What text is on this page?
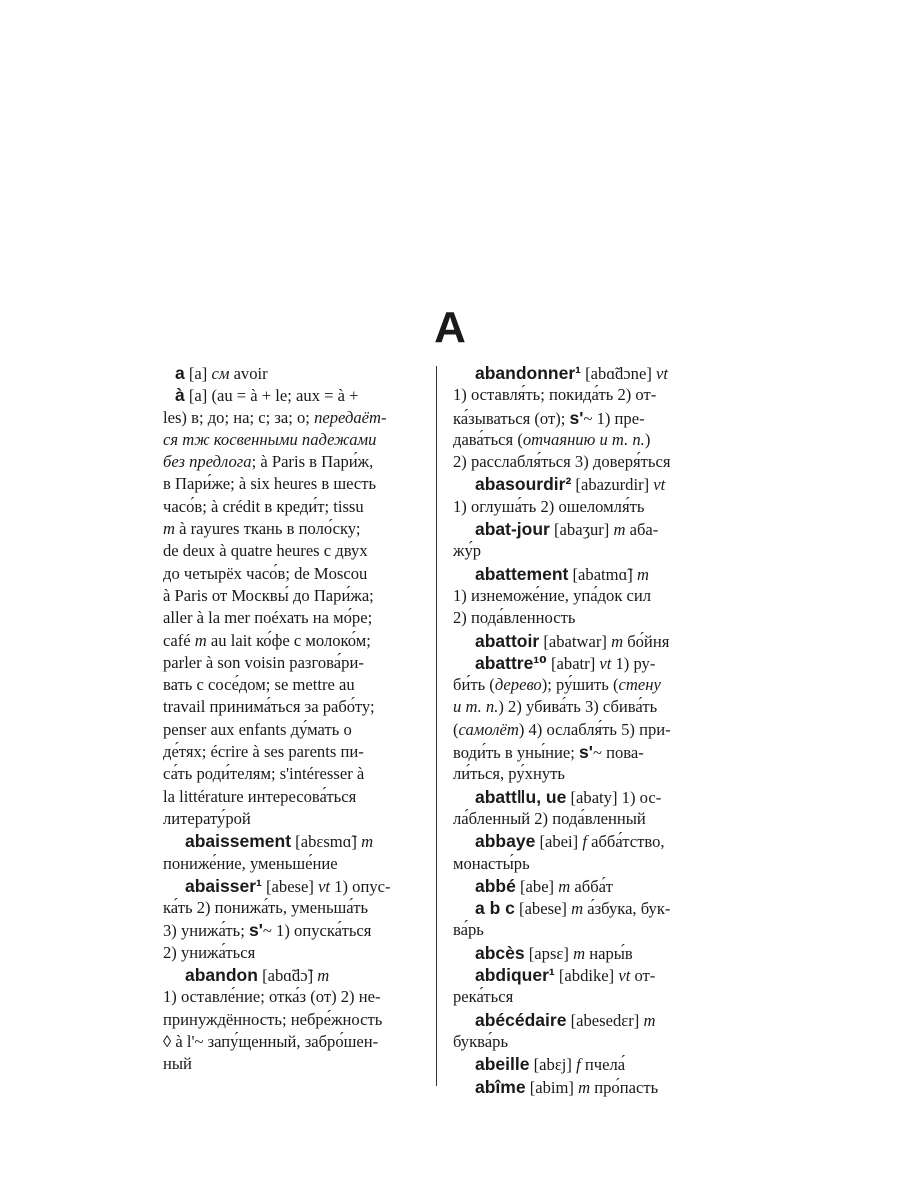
A
a [a] см avoir
à [a] (au = à + le; aux = à +
les) в; до; на; с; за; о; передаёт-
ся тж косвенными падежами
без предлога; à Paris в Пари́ж,
в Пари́же; à six heures в шесть
часо́в; à crédit в креди́т; tissu
m à rayures ткань в поло́ску;
de deux à quatre heures с двух
до четырёх часо́в; de Moscou
à Paris от Москвы́ до Пари́жа;
aller à la mer поéхать на мо́ре;
café m au lait ко́фе с молоко́м;
parler à son voisin разгова́ри-
вать с сосе́дом; se mettre au
travail принима́ться за рабо́ту;
penser aux enfants ду́мать о
де́тях; écrire à ses parents пи-
са́ть роди́телям; s'intéresser à
la littérature интересова́ться
литерату́рой
abaissement [abɛsmɑ̃] m
пониже́ние, уменьше́ние
abaisser¹ [abese] vt 1) опус-
ка́ть 2) понижа́ть, уменьша́ть
3) унижа́ть; s'~ 1) опуска́ться
2) унижа́ться
abandon [abɑ̃dɔ̃] m
1) оставле́ние; отка́з (от) 2) не-
принуждённость; небре́жность
◊ à l'~ запу́щенный, забро́шен-
ный
abandonner¹ [abɑ̃dɔne] vt
1) оставля́ть; покида́ть 2) от-
ка́зываться (от); s'~ 1) пре-
дава́ться (отчаянию и т. п.)
2) расслабля́ться 3) доверя́ться
abasourdir² [abazurdir] vt
1) оглуша́ть 2) ошеломля́ть
abat-jour [abaʒur] m аба-
жу́р
abattement [abatmɑ̃] m
1) изнеможе́ние, упа́док сил
2) пода́вленность
abattoir [abatwar] m бо́йня
abattre¹⁰ [abatr] vt 1) ру-
би́ть (дерево); ру́шить (стену
и т. п.) 2) убива́ть 3) сбива́ть
(самолёт) 4) ослабля́ть 5) при-
води́ть в уны́ние; s'~ пова-
ли́ться, ру́хнуть
abatt‖u, ue [abaty] 1) ос-
ла́бленный 2) пода́вленный
abbaye [abei] f абба́тство,
монасты́рь
abbé [abe] m абба́т
a b c [abese] m а́збука, бук-
ва́рь
abcès [apsɛ] m нары́в
abdiquer¹ [abdike] vt от-
река́ться
abécédaire [abesedɛr] m
буква́рь
abeille [abɛj] f пчела́
abîme [abim] m про́пасть
